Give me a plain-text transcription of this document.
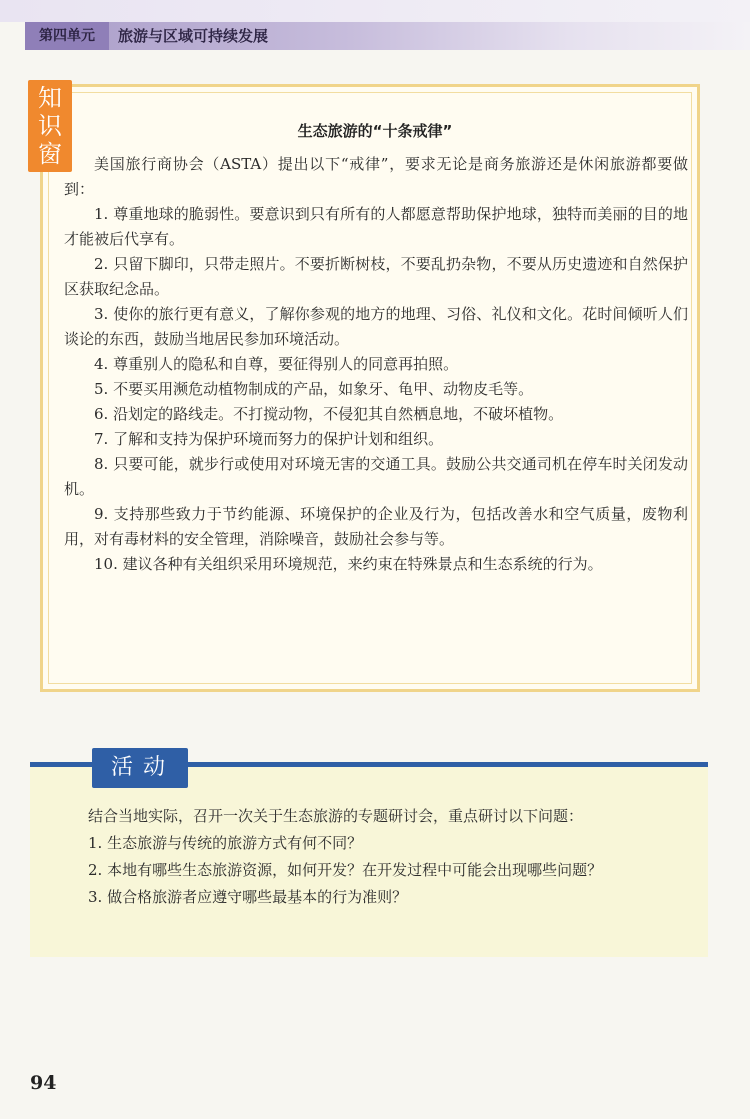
第四单元	旅游与区域可持续发展
知
识
窗
生态旅游的“十条戒律”

美国旅行商协会（ASTA）提出以下“戒律”，要求无论是商务旅游还是休闲旅游都要做到：

1. 尊重地球的脆弱性。要意识到只有所有的人都愿意帮助保护地球，独特而美丽的目的地才能被后代享有。

2. 只留下脚印，只带走照片。不要折断树枝，不要乱扔杂物，不要从历史遗迹和自然保护区获取纪念品。

3. 使你的旅行更有意义，了解你参观的地方的地理、习俗、礼仪和文化。花时间倾听人们谈论的东西，鼓励当地居民参加环境活动。

4. 尊重别人的隐私和自尊，要征得别人的同意再拍照。

5. 不要买用濒危动植物制成的产品，如象牙、龟甲、动物皮毛等。

6. 沿划定的路线走。不打搅动物，不侵犯其自然栖息地，不破坏植物。

7. 了解和支持为保护环境而努力的保护计划和组织。

8. 只要可能，就步行或使用对环境无害的交通工具。鼓励公共交通司机在停车时关闭发动机。

9. 支持那些致力于节约能源、环境保护的企业及行为，包括改善水和空气质量，废物利用，对有毒材料的安全管理，消除噪音，鼓励社会参与等。

10. 建议各种有关组织采用环境规范，来约束在特殊景点和生态系统的行为。

活动

结合当地实际，召开一次关于生态旅游的专题研讨会，重点研讨以下问题：

1. 生态旅游与传统的旅游方式有何不同？

2. 本地有哪些生态旅游资源，如何开发？在开发过程中可能会出现哪些问题？

3. 做合格旅游者应遵守哪些最基本的行为准则？

94
